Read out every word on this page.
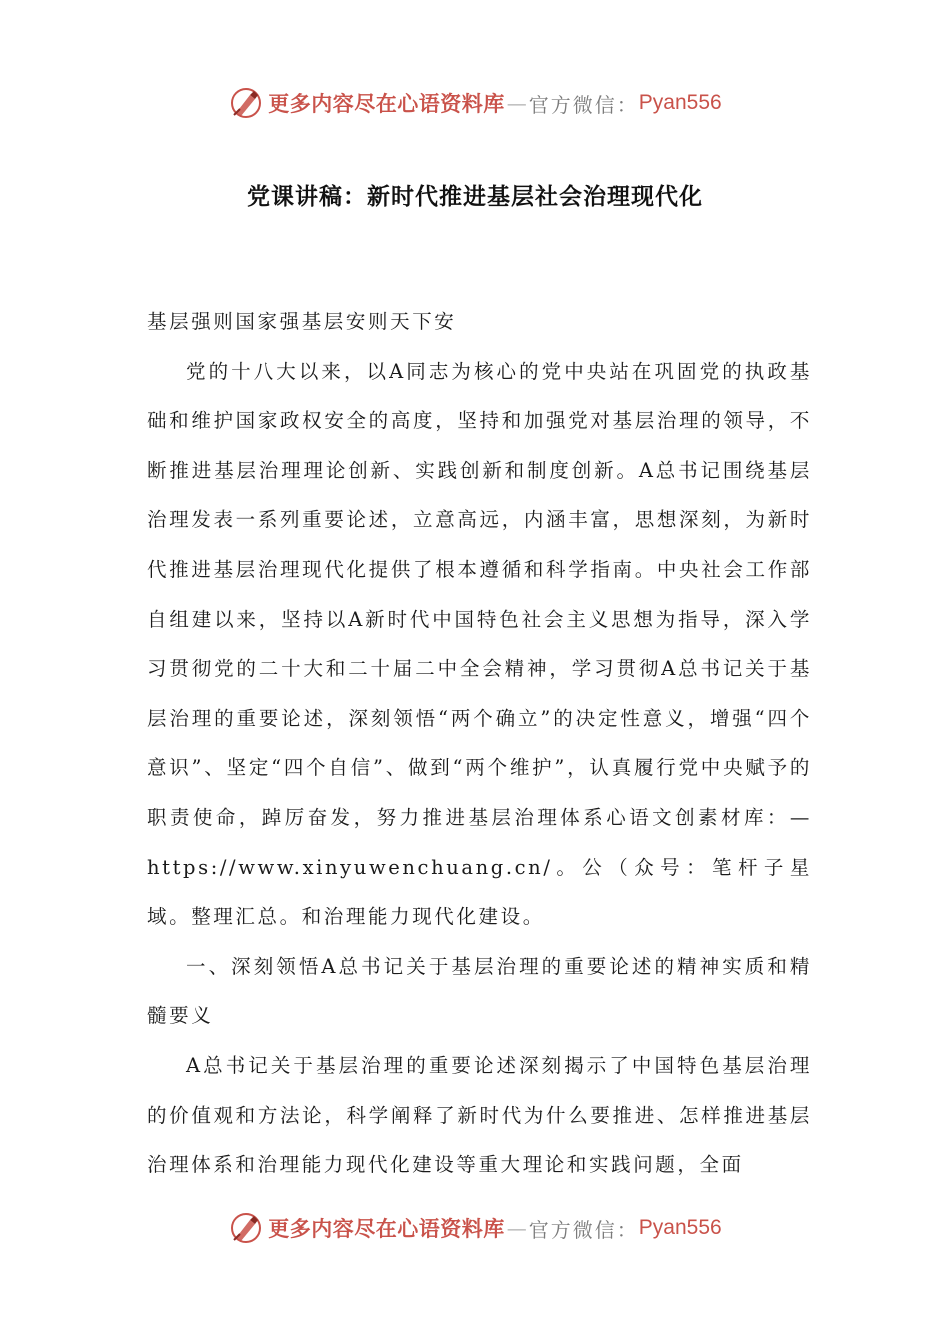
更多内容尽在心语资料库 — 官方微信： Pyan556
党课讲稿：新时代推进基层社会治理现代化

基层强则国家强基层安则天下安

党的十八大以来，以A同志为核心的党中央站在巩固党的执政基础和维护国家政权安全的高度，坚持和加强党对基层治理的领导，不断推进基层治理理论创新、实践创新和制度创新。A总书记围绕基层治理发表一系列重要论述，立意高远，内涵丰富，思想深刻，为新时代推进基层治理现代化提供了根本遵循和科学指南。中央社会工作部自组建以来，坚持以A新时代中国特色社会主义思想为指导，深入学习贯彻党的二十大和二十届二中全会精神，学习贯彻A总书记关于基层治理的重要论述，深刻领悟“两个确立”的决定性意义，增强“四个意识”、坚定“四个自信”、做到“两个维护”，认真履行党中央赋予的职责使命，踔厉奋发，努力推进基层治理体系心语文创素材库：—https://www.xinyuwenchuang.cn/。公（众号：笔杆子星域。整理汇总。和治理能力现代化建设。

一、深刻领悟A总书记关于基层治理的重要论述的精神实质和精髓要义

A总书记关于基层治理的重要论述深刻揭示了中国特色基层治理的价值观和方法论，科学阐释了新时代为什么要推进、怎样推进基层治理体系和治理能力现代化建设等重大理论和实践问题，全面

更多内容尽在心语资料库 — 官方微信： Pyan556
